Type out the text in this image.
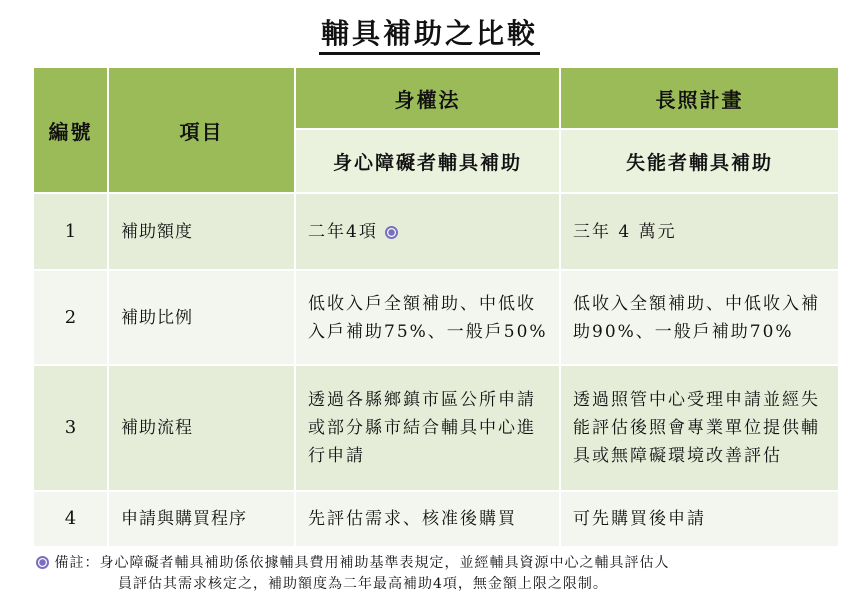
輔具補助之比較
編號	項目	身權法	長照計畫
		身心障礙者輔具補助	失能者輔具補助
1	補助額度	二年4項	三年 4 萬元
2	補助比例	低收入戶全額補助、中低收入戶補助75%、一般戶50%	低收入全額補助、中低收入補助90%、一般戶補助70%
3	補助流程	透過各縣鄉鎮市區公所申請或部分縣市結合輔具中心進行申請	透過照管中心受理申請並經失能評估後照會專業單位提供輔具或無障礙環境改善評估
4	申請與購買程序	先評估需求、核准後購買	可先購買後申請
備註：身心障礙者輔具補助係依據輔具費用補助基準表規定，並經輔具資源中心之輔具評估人
員評估其需求核定之，補助額度為二年最高補助4項，無金額上限之限制。
